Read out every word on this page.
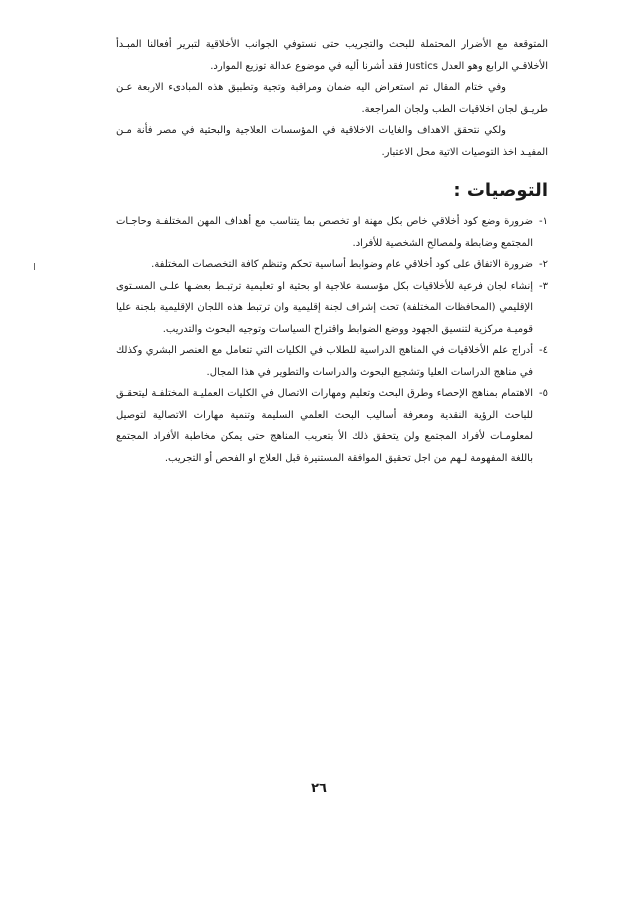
المتوقعة مع الأضرار المحتملة للبحث والتجريب حتى نستوفي الجوانب الأخلاقية لتبرير أفعالنا المبـدأ الأخلاقـي الرابع وهو العدل Justics فقد أشرنا أليه في موضوع عدالة توزيع الموارد.

وفي ختام المقال تم استعراض اليه ضمان ومراقبة وتجية وتطبيق هذه المبادىء الاربعة عـن طريـق لجان اخلاقيات الطب ولجان المراجعة.

ولكي نتحقق الاهداف والغايات الاخلاقية في المؤسسات العلاجية والبحثية في مصر فأنة مـن المفيـد اخذ التوصيات الاتية محل الاعتبار.

التوصيات :
١-
ضرورة وضع كود أخلاقي خاص بكل مهنة او تخصص بما يتناسب مع أهداف المهن المختلفـة وحاجـات المجتمع وضابطة ولمصالح الشخصية للأفراد.
٢-
ضرورة الاتفاق على كود أخلاقي عام وضوابط أساسية تحكم وتنظم كافة التخصصات المختلفة.
٣-
إنشاء لجان فرعية للأخلاقيات بكل مؤسسة علاجية او بحثية او تعليمية ترتبـط بعضـها علـى المسـتوى الإقليمي (المحافظات المختلفة) تحت إشراف لجنة إقليمية وان ترتبط هذه اللجان الإقليمية بلجنة عليا قوميـة مركزية لتنسيق الجهود ووضع الضوابط واقتراح السياسات وتوجيه البحوث والتدريب.
٤-
أدراج علم الأخلاقيات في المناهج الدراسية للطلاب في الكليات التي تتعامل مع العنصر البشري وكذلك في مناهج الدراسات العليا وتشجيع البحوث والدراسات والتطوير في هذا المجال.
٥-
الاهتمام بمناهج الإحصاء وطرق البحث وتعليم ومهارات الاتصال في الكليات العمليـة المختلفـة ليتحقـق للباحث الرؤية النقدية ومعرفة أساليب البحث العلمي السليمة وتنمية مهارات الاتصالية لتوصيل لمعلومـات لأفراد المجتمع ولن يتحقق ذلك الأ بتعريب المناهج حتى يمكن مخاطبة الأفراد المجتمع باللغة المفهومة لـهم من اجل تحقيق الموافقة المستنيرة قبل العلاج او الفحص أو التجريب.
٢٦
